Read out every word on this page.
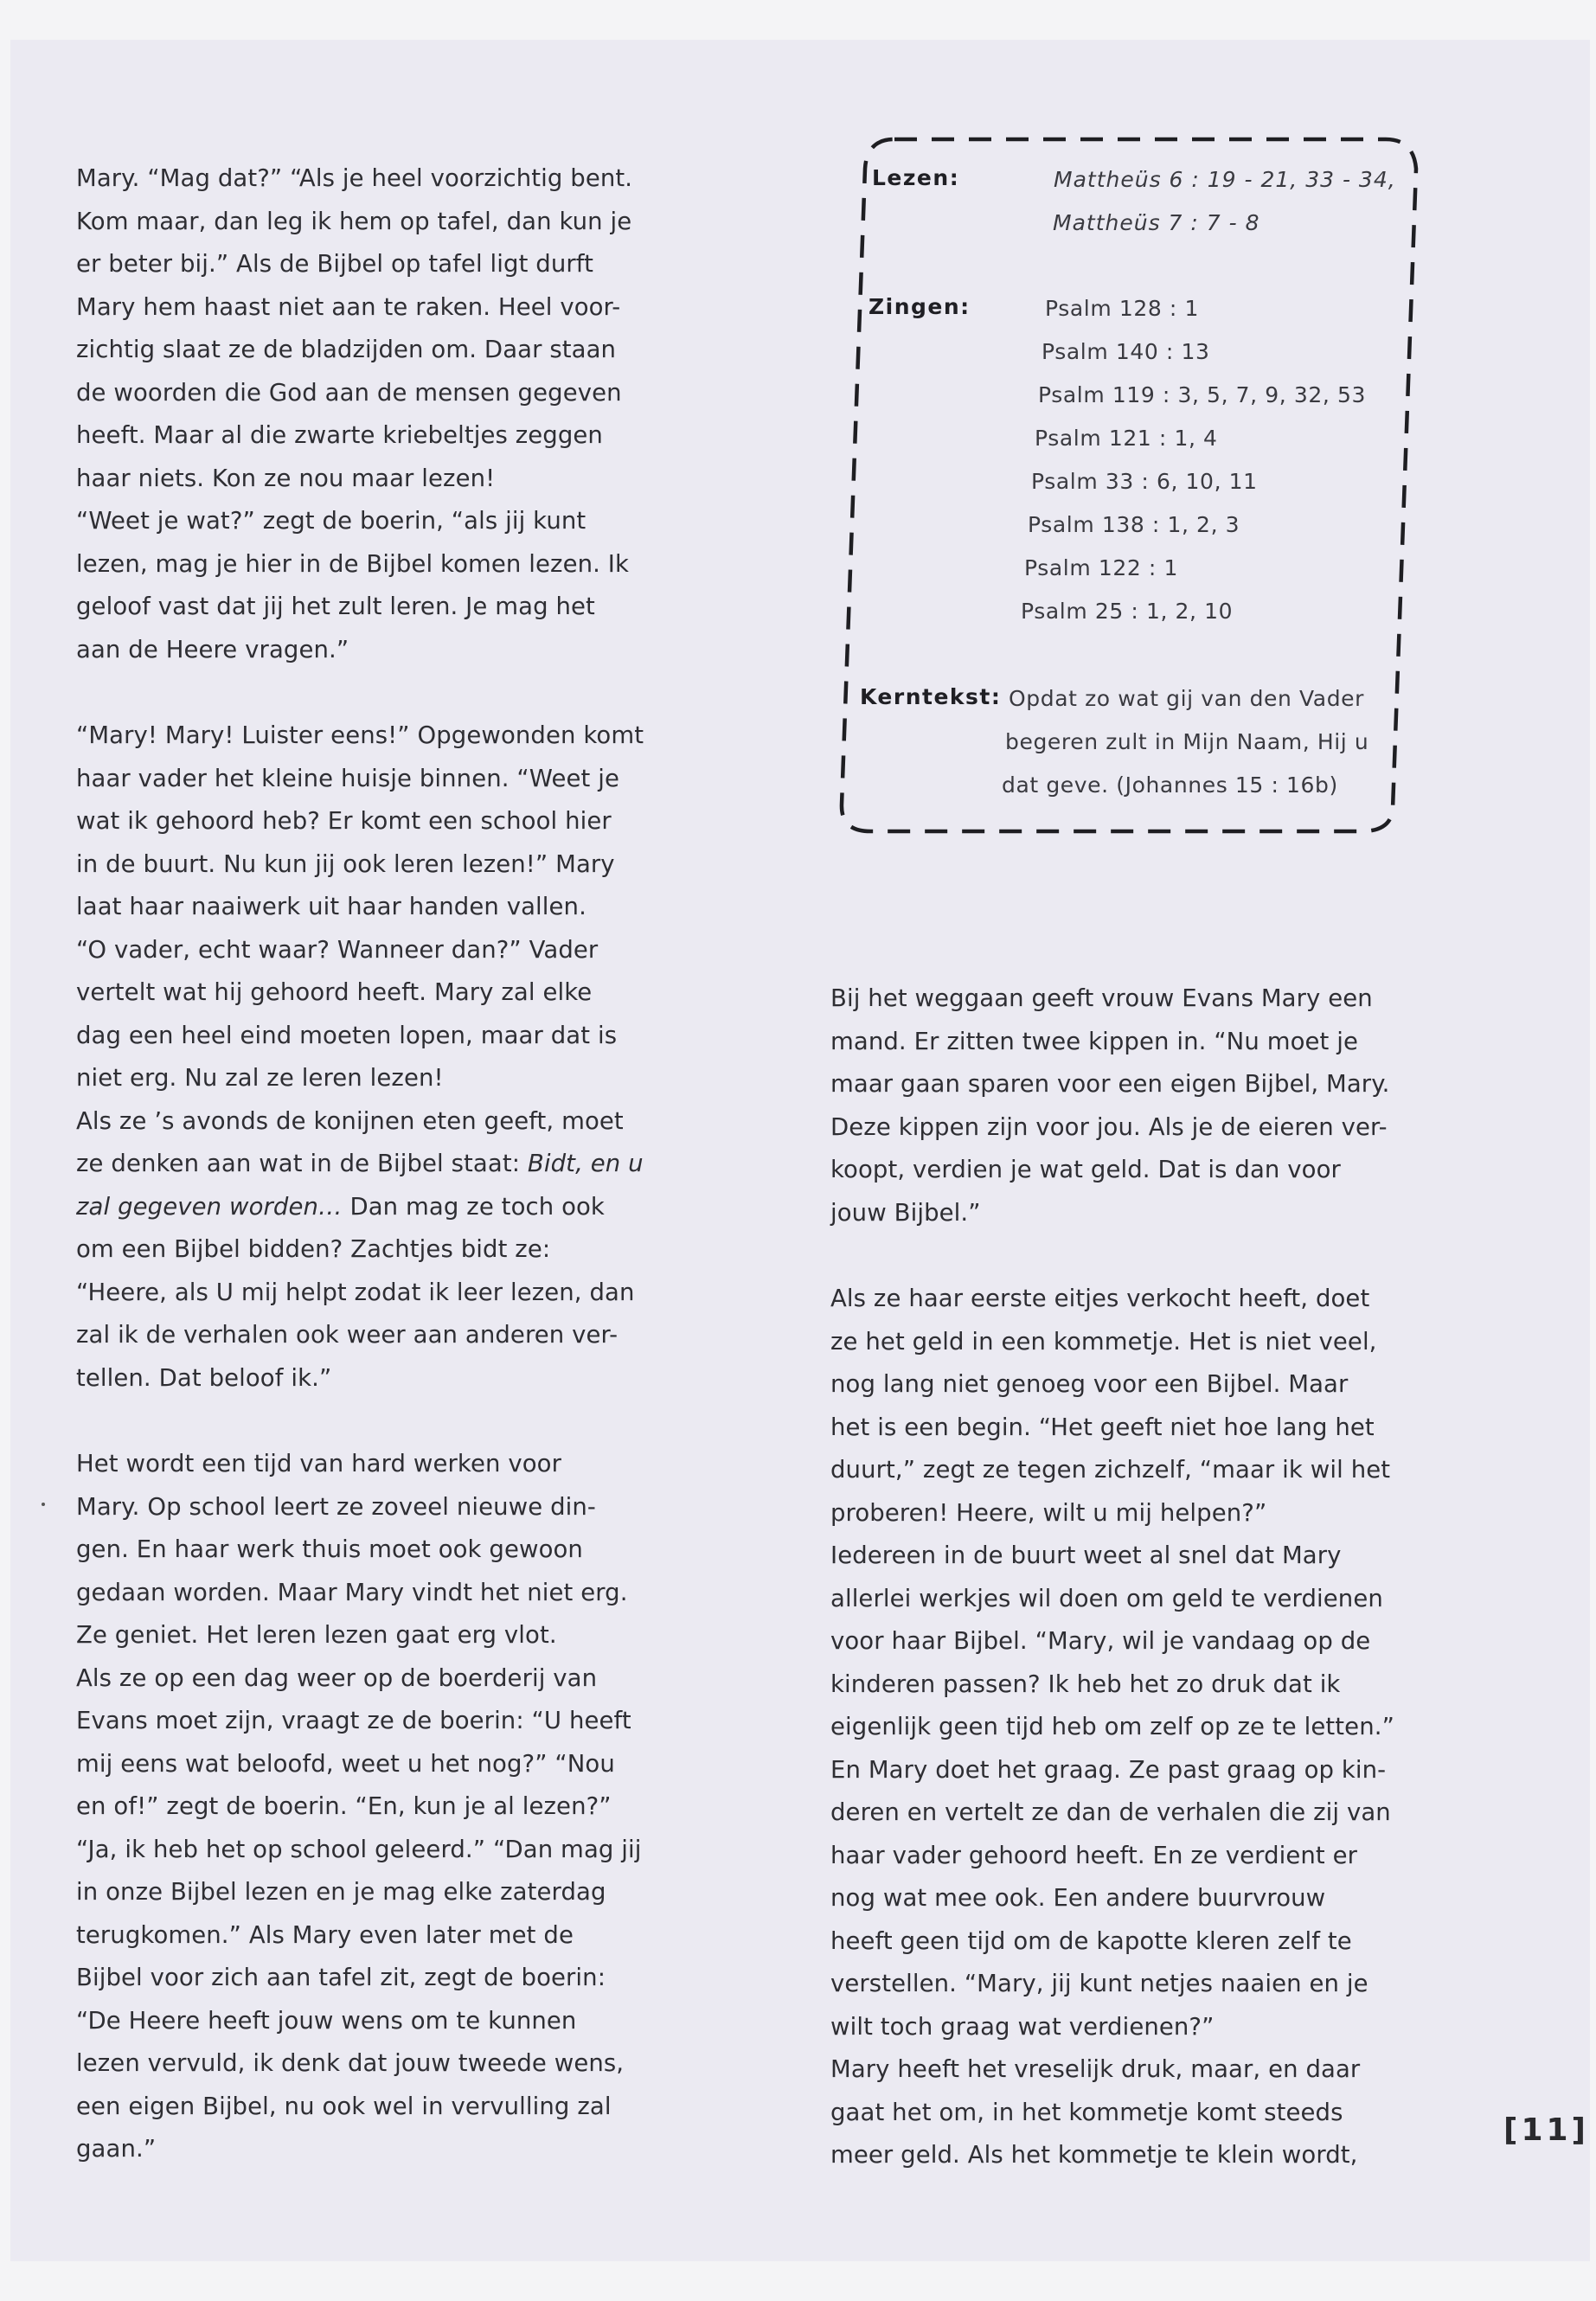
Mary. “Mag dat?” “Als je heel voorzichtig bent.

Kom maar, dan leg ik hem op tafel, dan kun je

er beter bij.” Als de Bijbel op tafel ligt durft

Mary hem haast niet aan te raken. Heel voor-

zichtig slaat ze de bladzijden om. Daar staan

de woorden die God aan de mensen gegeven

heeft. Maar al die zwarte kriebeltjes zeggen

haar niets. Kon ze nou maar lezen!

“Weet je wat?” zegt de boerin, “als jij kunt

lezen, mag je hier in de Bijbel komen lezen. Ik

geloof vast dat jij het zult leren. Je mag het

aan de Heere vragen.”

“Mary! Mary! Luister eens!” Opgewonden komt

haar vader het kleine huisje binnen. “Weet je

wat ik gehoord heb? Er komt een school hier

in de buurt. Nu kun jij ook leren lezen!” Mary

laat haar naaiwerk uit haar handen vallen.

“O vader, echt waar? Wanneer dan?” Vader

vertelt wat hij gehoord heeft. Mary zal elke

dag een heel eind moeten lopen, maar dat is

niet erg. Nu zal ze leren lezen!

Als ze ’s avonds de konijnen eten geeft, moet

ze denken aan wat in de Bijbel staat: Bidt, en u

zal gegeven worden… Dan mag ze toch ook

om een Bijbel bidden? Zachtjes bidt ze:

“Heere, als U mij helpt zodat ik leer lezen, dan

zal ik de verhalen ook weer aan anderen ver-

tellen. Dat beloof ik.”

Het wordt een tijd van hard werken voor

Mary. Op school leert ze zoveel nieuwe din-

gen. En haar werk thuis moet ook gewoon

gedaan worden. Maar Mary vindt het niet erg.

Ze geniet. Het leren lezen gaat erg vlot.

Als ze op een dag weer op de boerderij van

Evans moet zijn, vraagt ze de boerin: “U heeft

mij eens wat beloofd, weet u het nog?” “Nou

en of!” zegt de boerin. “En, kun je al lezen?”

“Ja, ik heb het op school geleerd.” “Dan mag jij

in onze Bijbel lezen en je mag elke zaterdag

terugkomen.” Als Mary even later met de

Bijbel voor zich aan tafel zit, zegt de boerin:

“De Heere heeft jouw wens om te kunnen

lezen vervuld, ik denk dat jouw tweede wens,

een eigen Bijbel, nu ook wel in vervulling zal

gaan.”

Lezen:	Mattheüs 6 : 19 - 21, 33 - 34,
Mattheüs 7 : 7 - 8
Zingen:	Psalm 128 : 1
Psalm 140 : 13
Psalm 119 : 3, 5, 7, 9, 32, 53
Psalm 121 : 1, 4
Psalm 33 : 6, 10, 11
Psalm 138 : 1, 2, 3
Psalm 122 : 1
Psalm 25 : 1, 2, 10
Kerntekst: Opdat zo wat gij van den Vader
begeren zult in Mijn Naam, Hij u
dat geve. (Johannes 15 : 16b)

Bij het weggaan geeft vrouw Evans Mary een

mand. Er zitten twee kippen in. “Nu moet je

maar gaan sparen voor een eigen Bijbel, Mary.

Deze kippen zijn voor jou. Als je de eieren ver-

koopt, verdien je wat geld. Dat is dan voor

jouw Bijbel.”

Als ze haar eerste eitjes verkocht heeft, doet

ze het geld in een kommetje. Het is niet veel,

nog lang niet genoeg voor een Bijbel. Maar

het is een begin. “Het geeft niet hoe lang het

duurt,” zegt ze tegen zichzelf, “maar ik wil het

proberen! Heere, wilt u mij helpen?”

Iedereen in de buurt weet al snel dat Mary

allerlei werkjes wil doen om geld te verdienen

voor haar Bijbel. “Mary, wil je vandaag op de

kinderen passen? Ik heb het zo druk dat ik

eigenlijk geen tijd heb om zelf op ze te letten.”

En Mary doet het graag. Ze past graag op kin-

deren en vertelt ze dan de verhalen die zij van

haar vader gehoord heeft. En ze verdient er

nog wat mee ook. Een andere buurvrouw

heeft geen tijd om de kapotte kleren zelf te

verstellen. “Mary, jij kunt netjes naaien en je

wilt toch graag wat verdienen?”

Mary heeft het vreselijk druk, maar, en daar

gaat het om, in het kommetje komt steeds

meer geld. Als het kommetje te klein wordt,

[11]
